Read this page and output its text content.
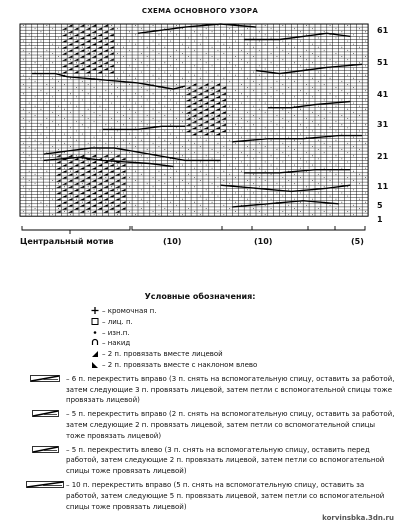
СХЕМА ОСНОВНОГО УЗОРА
61
51
41
31
21
11
5
1
Центральный мотив	(10)	(10)	(5)
Условные обозначения:
– кромочная п.
– лиц. п.
– изн.п.
– накид
– 2 п. провязать вместе лицевой
– 2 п. провязать вместе с наклоном влево
– 6 п. перекрестить вправо (3 п. снять на вспомогательную спицу, оставить за работой, затем следующие 3 п. провязать лицевой, затем петли с вспомогательной спицы тоже провязать лицевой)
– 5 п. перекрестить вправо (2 п. снять на вспомогательную спицу, оставить за работой, затем следующие 2 п. провязать лицевой, затем петли со вспомогательной спицы тоже провязать лицевой)
– 5 п. перекрестить влево (3 п. снять на вспомогательную спицу, оставить перед работой, затем следующие 2 п. провязать лицевой, затем петли со вспомогательной спицы тоже провязать лицевой)
– 10 п. перекрестить вправо (5 п. снять на вспомогательную спицу, оставить за работой, затем следующие 5 п. провязать лицевой, затем петли со вспомогательной спицы тоже провязать лицевой)
korvinsbka.3dn.ru
